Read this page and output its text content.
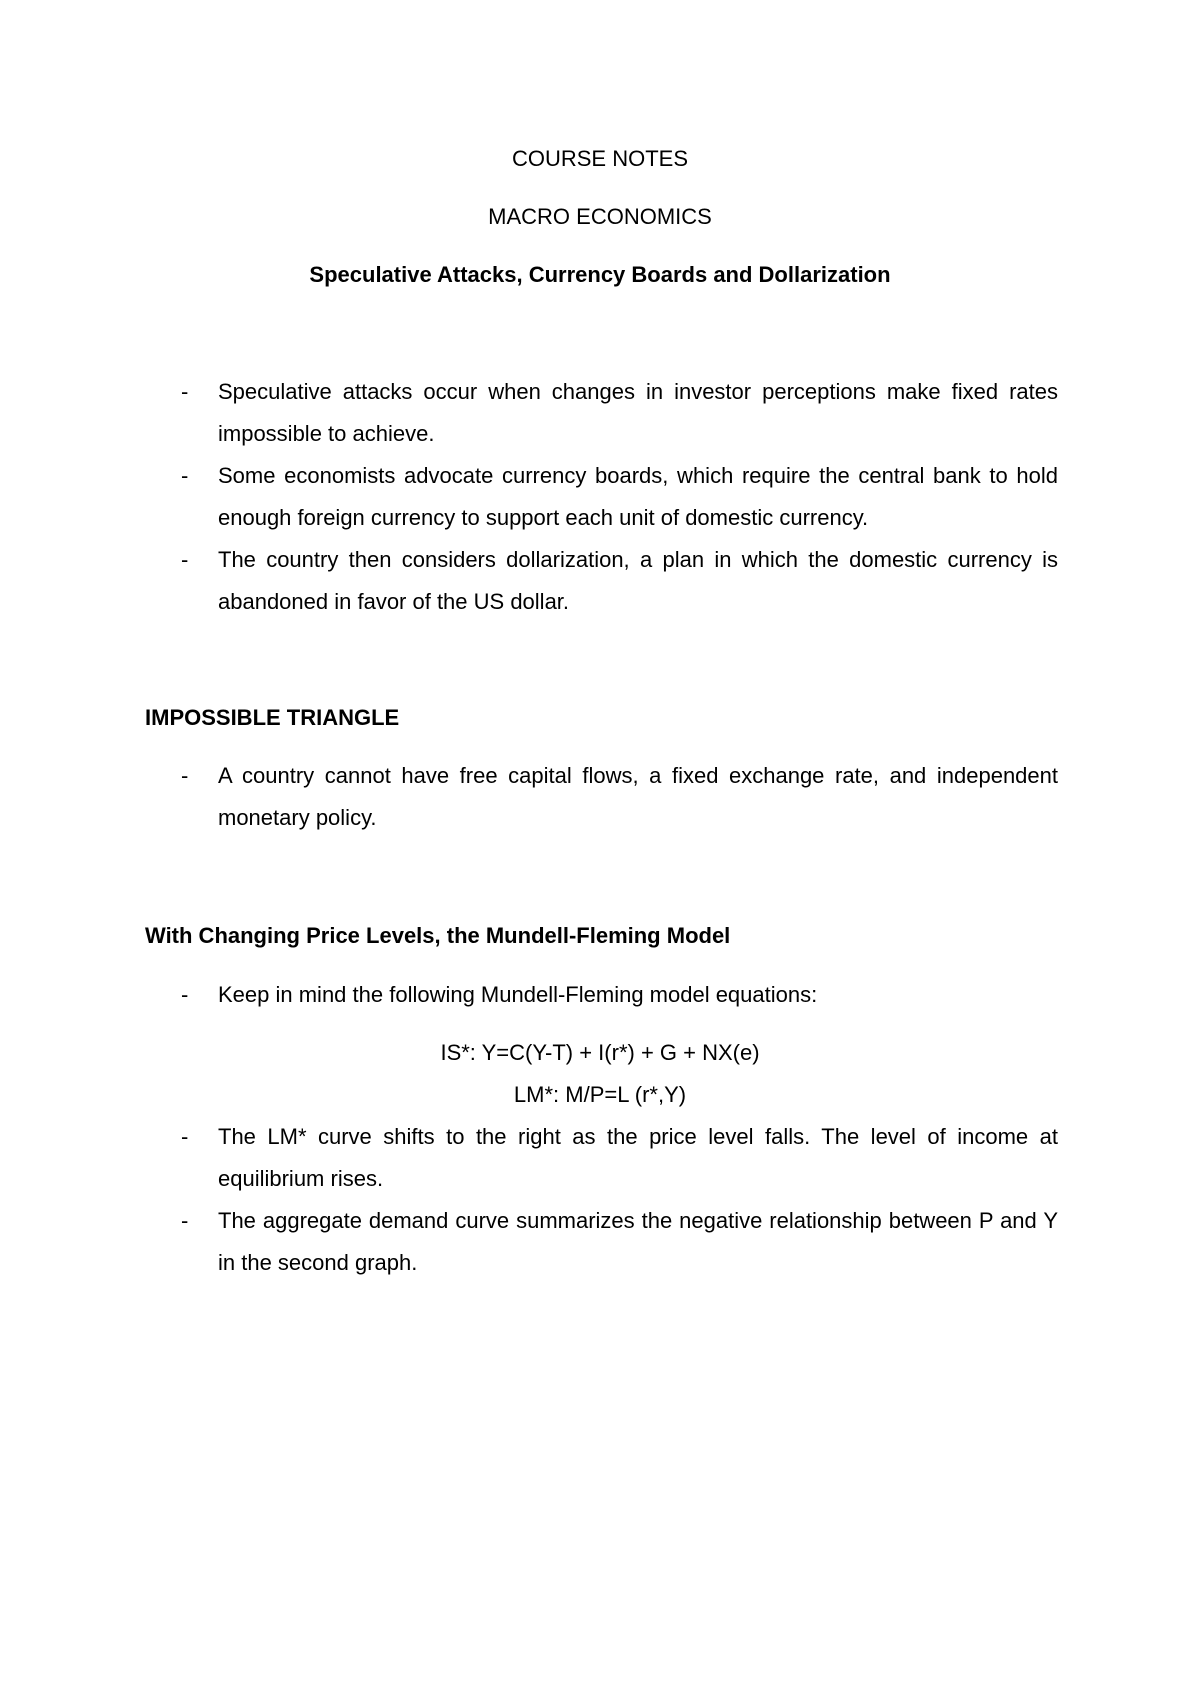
COURSE NOTES
MACRO ECONOMICS
Speculative Attacks, Currency Boards and Dollarization
- Speculative attacks occur when changes in investor perceptions make fixed rates impossible to achieve.
- Some economists advocate currency boards, which require the central bank to hold enough foreign currency to support each unit of domestic currency.
- The country then considers dollarization, a plan in which the domestic currency is abandoned in favor of the US dollar.
IMPOSSIBLE TRIANGLE
- A country cannot have free capital flows, a fixed exchange rate, and independent monetary policy.
With Changing Price Levels, the Mundell-Fleming Model
- Keep in mind the following Mundell-Fleming model equations:
IS*: Y=C(Y-T) + I(r*) + G + NX(e)
LM*: M/P=L (r*,Y)
- The LM* curve shifts to the right as the price level falls. The level of income at equilibrium rises.
- The aggregate demand curve summarizes the negative relationship between P and Y in the second graph.
